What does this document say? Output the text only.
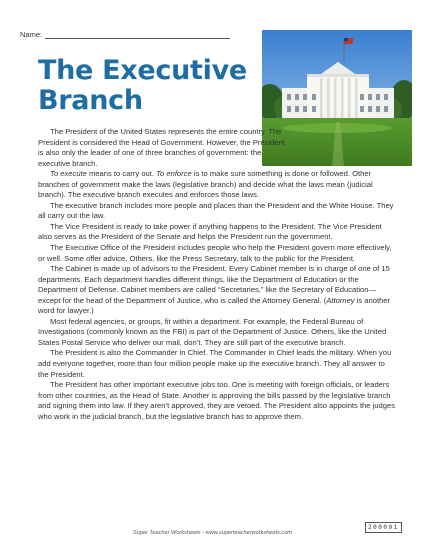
Name:
The Executive
Branch

The President of the United States represents the entire country. The President is considered the Head of Government. However, the President is also only the leader of one of three branches of government: the executive branch.

To execute means to carry out. To enforce is to make sure something is done or followed. Other branches of government make the laws (legislative branch) and decide what the laws mean (judicial branch). The executive branch executes and enforces those laws.

The executive branch includes more people and places than the President and the White House. They all carry out the law.

The Vice President is ready to take power if anything happens to the President. The Vice President also serves as the President of the Senate and helps the President run the government.

The Executive Office of the President includes people who help the President govern more effectively, or well. Some offer advice. Others, like the Press Secretary, talk to the public for the President.

The Cabinet is made up of advisors to the President. Every Cabinet member is in charge of one of 15 departments. Each department handles different things, like the Department of Education or the Department of Defense. Cabinet members are called “Secretaries,” like the Secretary of Education—except for the head of the Department of Justice, who is called the Attorney General. (Attorney is another word for lawyer.)

Most federal agencies, or groups, fit within a department. For example, the Federal Bureau of Investigations (commonly known as the FBI) is part of the Department of Justice. Others, like the United States Postal Service who deliver our mail, don’t. They are still part of the executive branch.

The President is also the Commander in Chief. The Commander in Chief leads the military. When you add everyone together, more than four million people make up the executive branch. They all answer to the President.

The President has other important executive jobs too. One is meeting with foreign officials, or leaders from other countries, as the Head of State. Another is approving the bills passed by the legislative branch and signing them into law. If they aren’t approved, they are vetoed. The President also appoints the judges who work in the judicial branch, but the legislative branch has to approve them.

Super Teacher Worksheets - www.superteacherworksheets.com
200091
